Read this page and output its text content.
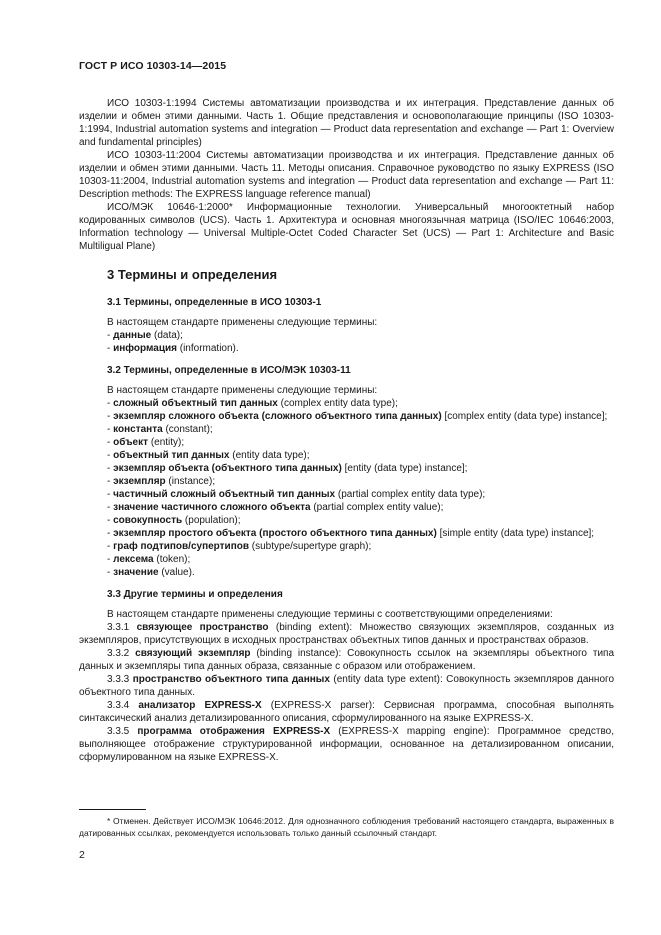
ГОСТ Р ИСО 10303-14—2015

ИСО 10303-1:1994 Системы автоматизации производства и их интеграция. Представление данных об изделии и обмен этими данными. Часть 1. Общие представления и основополагающие принципы (ISO 10303-1:1994, Industrial automation systems and integration — Product data representation and exchange — Part 1: Overview and fundamental principles)

ИСО 10303-11:2004 Системы автоматизации производства и их интеграция. Представление данных об изделии и обмен этими данными. Часть 11. Методы описания. Справочное руководство по языку EXPRESS (ISO 10303-11:2004, Industrial automation systems and integration — Product data representation and exchange — Part 11: Description methods: The EXPRESS language reference manual)

ИСО/МЭК 10646-1:2000* Информационные технологии. Универсальный многооктетный набор кодированных символов (UCS). Часть 1. Архитектура и основная многоязычная матрица (ISO/IEC 10646:2003, Information technology — Universal Multiple-Octet Coded Character Set (UCS) — Part 1: Architecture and Basic Multiligual Plane)

3 Термины и определения
3.1 Термины, определенные в ИСО 10303-1

В настоящем стандарте применены следующие термины:

- данные (data);

- информация (information).

3.2 Термины, определенные в ИСО/МЭК 10303-11

В настоящем стандарте применены следующие термины:

- сложный объектный тип данных (complex entity data type);

- экземпляр сложного объекта (сложного объектного типа данных) [complex entity (data type) instance];

- константа (constant);

- объект (entity);

- объектный тип данных (entity data type);

- экземпляр объекта (объектного типа данных) [entity (data type) instance];

- экземпляр (instance);

- частичный сложный объектный тип данных (partial complex entity data type);

- значение частичного сложного объекта (partial complex entity value);

- совокупность (population);

- экземпляр простого объекта (простого объектного типа данных) [simple entity (data type) instance];

- граф подтипов/супертипов (subtype/supertype graph);

- лексема (token);

- значение (value).

3.3 Другие термины и определения

В настоящем стандарте применены следующие термины с соответствующими определениями:

3.3.1 связующее пространство (binding extent): Множество связующих экземпляров, созданных из экземпляров, присутствующих в исходных пространствах объектных типов данных и пространствах образов.

3.3.2 связующий экземпляр (binding instance): Совокупность ссылок на экземпляры объектного типа данных и экземпляры типа данных образа, связанные с образом или отображением.

3.3.3 пространство объектного типа данных (entity data type extent): Совокупность экземпляров данного объектного типа данных.

3.3.4 анализатор EXPRESS-X (EXPRESS-X parser): Сервисная программа, способная выполнять синтаксический анализ детализированного описания, сформулированного на языке EXPRESS-X.

3.3.5 программа отображения EXPRESS-X (EXPRESS-X mapping engine): Программное средство, выполняющее отображение структурированной информации, основанное на детализированном описании, сформулированном на языке EXPRESS-X.

* Отменен. Действует ИСО/МЭК 10646:2012. Для однозначного соблюдения требований настоящего стандарта, выраженных в датированных ссылках, рекомендуется использовать только данный ссылочный стандарт.
2
